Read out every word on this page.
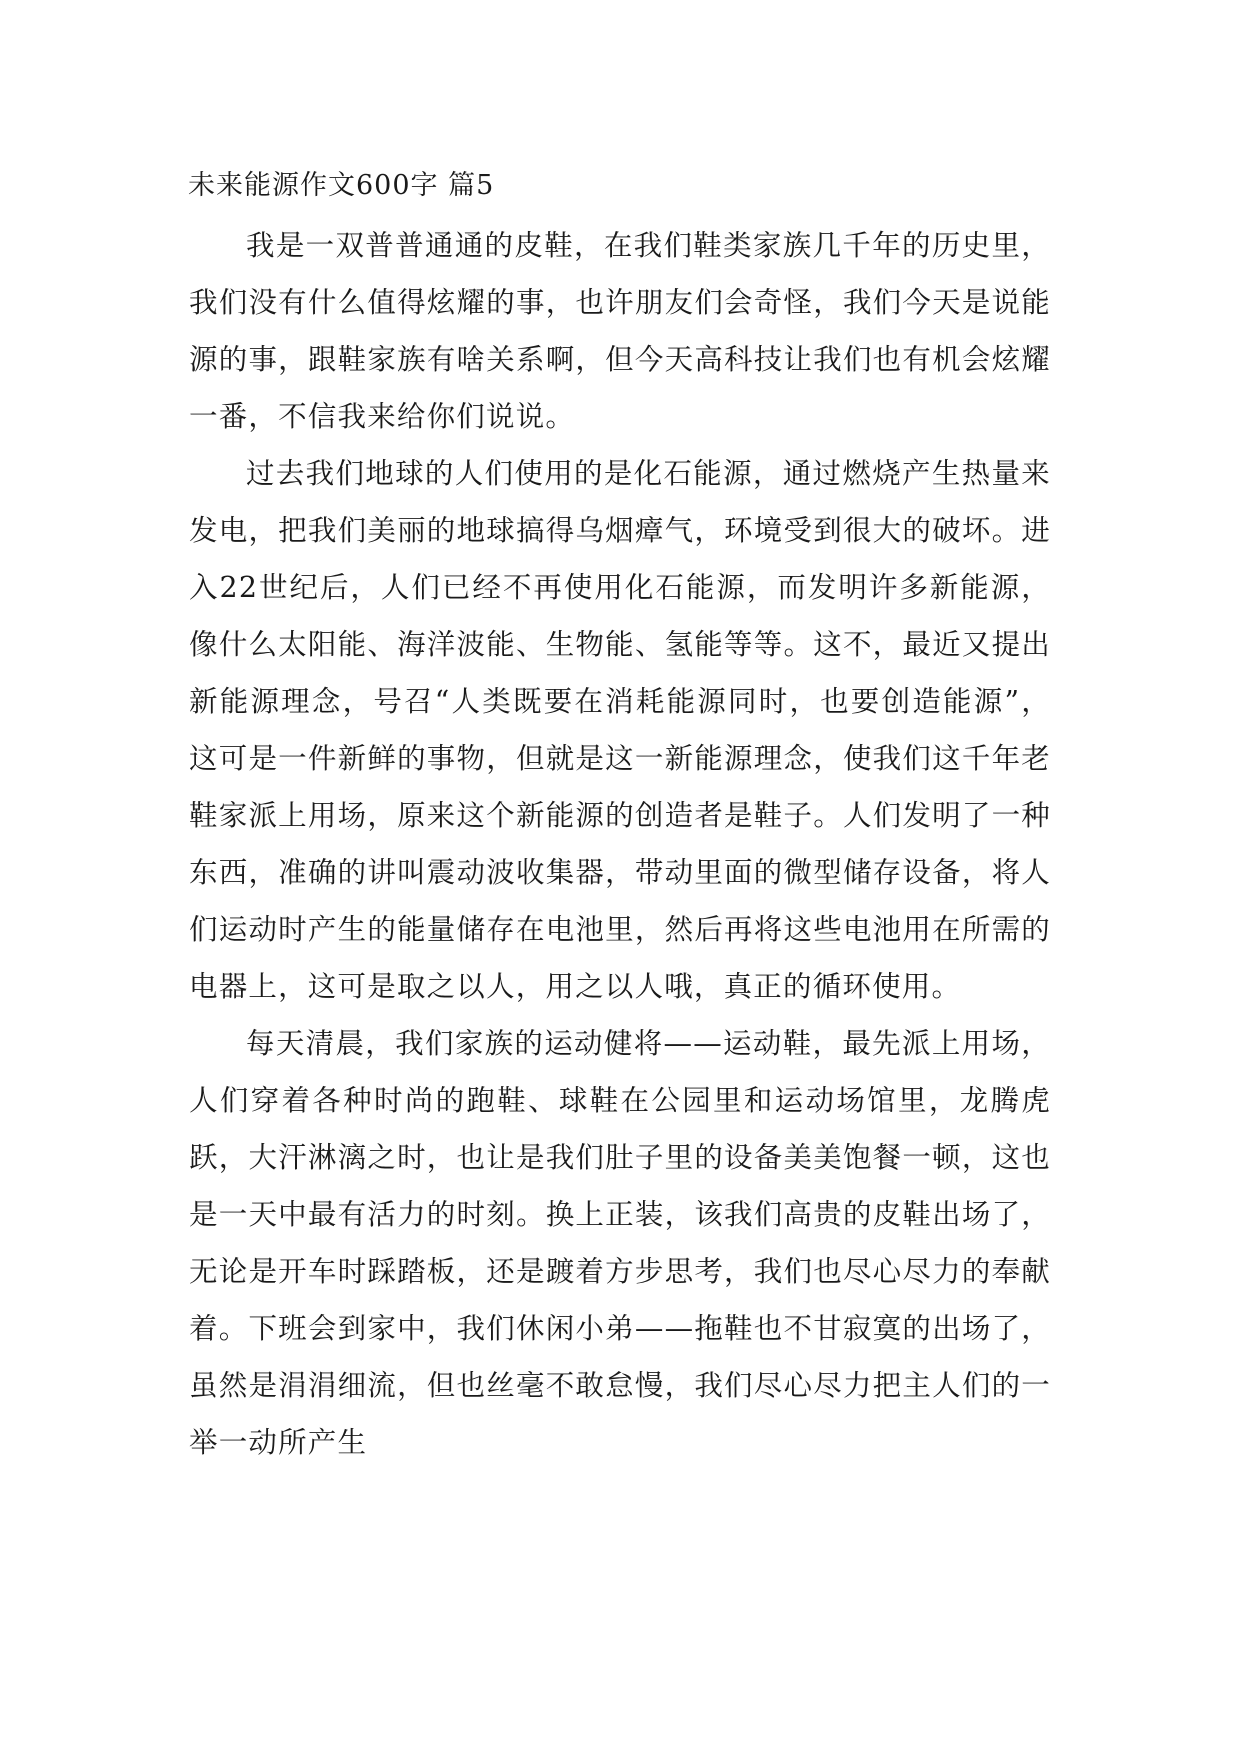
未来能源作文600字 篇5

我是一双普普通通的皮鞋，在我们鞋类家族几千年的历史里，我们没有什么值得炫耀的事，也许朋友们会奇怪，我们今天是说能源的事，跟鞋家族有啥关系啊，但今天高科技让我们也有机会炫耀一番，不信我来给你们说说。

过去我们地球的人们使用的是化石能源，通过燃烧产生热量来发电，把我们美丽的地球搞得乌烟瘴气，环境受到很大的破坏。进入22世纪后，人们已经不再使用化石能源，而发明许多新能源，像什么太阳能、海洋波能、生物能、氢能等等。这不，最近又提出新能源理念，号召“人类既要在消耗能源同时，也要创造能源”，这可是一件新鲜的事物，但就是这一新能源理念，使我们这千年老鞋家派上用场，原来这个新能源的创造者是鞋子。人们发明了一种东西，准确的讲叫震动波收集器，带动里面的微型储存设备，将人们运动时产生的能量储存在电池里，然后再将这些电池用在所需的电器上，这可是取之以人，用之以人哦，真正的循环使用。

每天清晨，我们家族的运动健将——运动鞋，最先派上用场，人们穿着各种时尚的跑鞋、球鞋在公园里和运动场馆里，龙腾虎跃，大汗淋漓之时，也让是我们肚子里的设备美美饱餐一顿，这也是一天中最有活力的时刻。换上正装，该我们高贵的皮鞋出场了，无论是开车时踩踏板，还是踱着方步思考，我们也尽心尽力的奉献着。下班会到家中，我们休闲小弟——拖鞋也不甘寂寞的出场了，虽然是涓涓细流，但也丝毫不敢怠慢，我们尽心尽力把主人们的一举一动所产生
